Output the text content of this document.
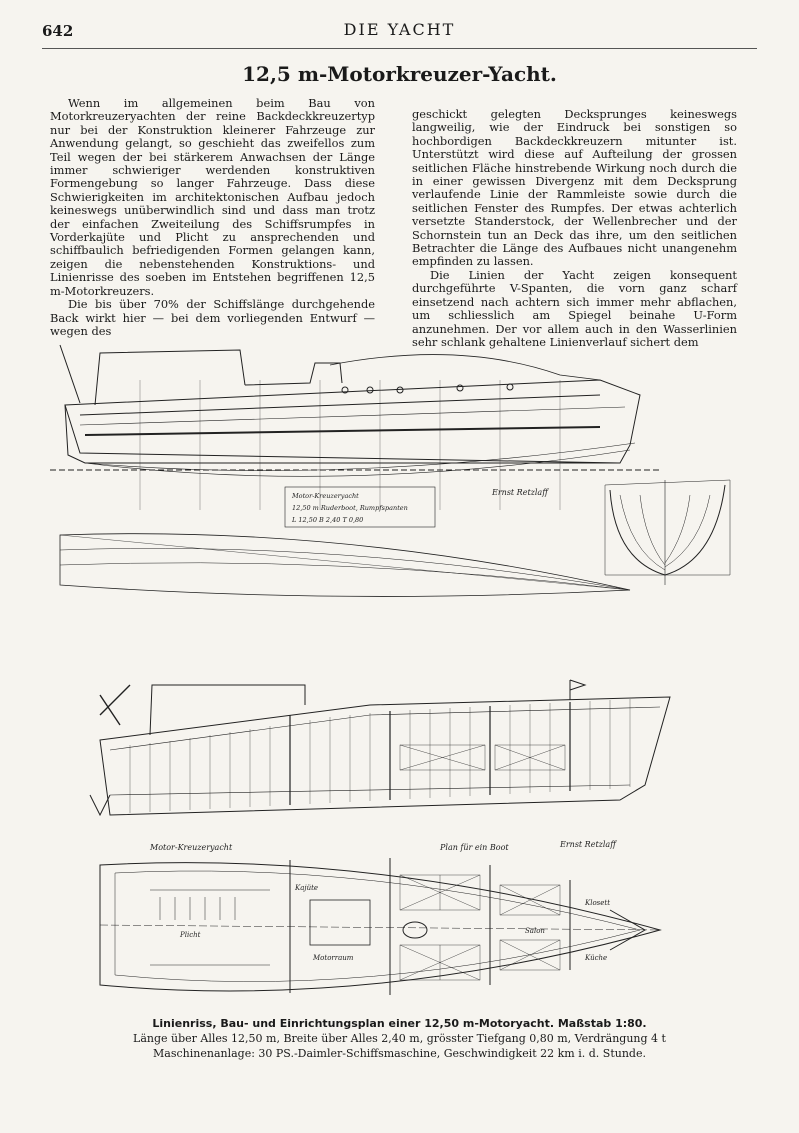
642	DIE YACHT
12,5 m-Motorkreuzer-Yacht.

Wenn im allgemeinen beim Bau von Motorkreuzeryachten der reine Backdeckkreuzertyp nur bei der Konstruktion kleinerer Fahrzeuge zur Anwendung gelangt, so geschieht das zweifellos zum Teil wegen der bei stärkerem Anwachsen der Länge immer schwieriger werdenden konstruktiven Formengebung so langer Fahrzeuge. Dass diese Schwierigkeiten im architektonischen Aufbau jedoch keineswegs unüberwindlich sind und dass man trotz der einfachen Zweiteilung des Schiffsrumpfes in Vorderkajüte und Plicht zu ansprechenden und schiffbaulich befriedigenden Formen gelangen kann, zeigen die nebenstehenden Konstruktions- und Linienrisse des soeben im Entstehen begriffenen 12,5 m-Motorkreuzers.

Die bis über 70% der Schiffslänge durchgehende Back wirkt hier — bei dem vorliegenden Entwurf — wegen des

geschickt gelegten Decksprunges keineswegs langweilig, wie der Eindruck bei sonstigen so hochbordigen Backdeckkreuzern mitunter ist. Unterstützt wird diese auf Aufteilung der grossen seitlichen Fläche hinstrebende Wirkung noch durch die in einer gewissen Divergenz mit dem Decksprung verlaufende Linie der Rammleiste sowie durch die seitlichen Fenster des Rumpfes. Der etwas achterlich versetzte Standerstock, der Wellenbrecher und der Schornstein tun an Deck das ihre, um den seitlichen Betrachter die Länge des Aufbaues nicht unangenehm empfinden zu lassen.

Die Linien der Yacht zeigen konsequent durchgeführte V-Spanten, die vorn ganz scharf einsetzend nach achtern sich immer mehr abflachen, um schliesslich am Spiegel beinahe U-Form anzunehmen. Der vor allem auch in den Wasserlinien sehr schlank gehaltene Linienverlauf sichert dem

Motor-Kreuzeryacht
12,50 m Ruderboot, Rumpfspanten
L 12,50 B 2,40 T 0,80
Ernst Retzlaff
Motor-Kreuzeryacht	Plan für ein Boot	Ernst Retzlaff
Plicht
Kajüte
Salon
Klosett
Küche
Motorraum
Linienriss, Bau- und Einrichtungsplan einer 12,50 m-Motoryacht. Maßstab 1:80.
Länge über Alles 12,50 m, Breite über Alles 2,40 m, grösster Tiefgang 0,80 m, Verdrängung 4 t
Maschinenanlage: 30 PS.-Daimler-Schiffsmaschine, Geschwindigkeit 22 km i. d. Stunde.
